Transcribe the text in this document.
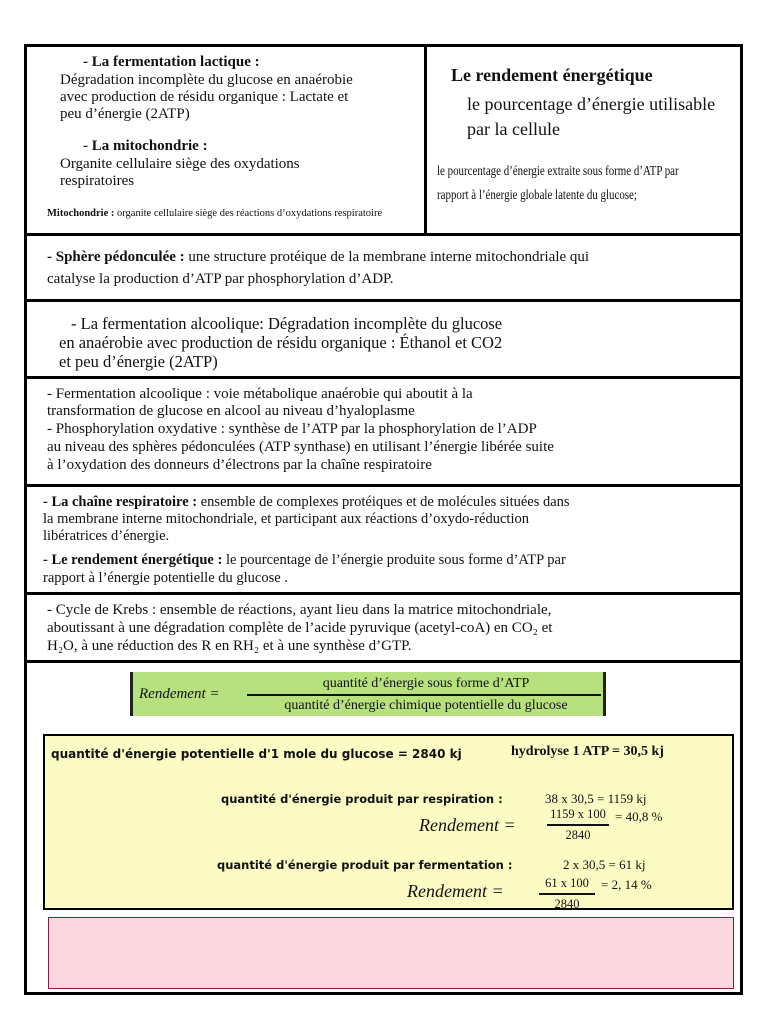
- La fermentation lactique :
Dégradation incomplète du glucose en anaérobie
avec production de résidu organique : Lactate et
peu d’énergie (2ATP)
- La mitochondrie :
Organite cellulaire siège des oxydations
respiratoires
Mitochondrie : organite cellulaire siège des réactions d’oxydations respiratoire
Le rendement énergétique
le pourcentage d’énergie utilisable
par la cellule
le pourcentage d’énergie extraite sous forme d’ATP par
rapport à l’énergie globale latente du glucose;
- Sphère pédonculée : une structure protéique de la membrane interne mitochondriale qui
catalyse la production d’ATP par phosphorylation d’ADP.
- La fermentation alcoolique: Dégradation incomplète du glucose
en anaérobie avec production de résidu organique : Éthanol et CO2
et peu d’énergie (2ATP)
- Fermentation alcoolique : voie métabolique anaérobie qui aboutit à la
transformation de glucose en alcool au niveau d’hyaloplasme
- Phosphorylation oxydative : synthèse de l’ATP par la phosphorylation de l’ADP
au niveau des sphères pédonculées (ATP synthase) en utilisant l’énergie libérée suite
à l’oxydation des donneurs d’électrons par la chaîne respiratoire
- La chaîne respiratoire : ensemble de complexes protéiques et de molécules situées dans
la membrane interne mitochondriale, et participant aux réactions d’oxydo-réduction
libératrices d’énergie.
- Le rendement énergétique : le pourcentage de l’énergie produite sous forme d’ATP par
rapport à l’énergie potentielle du glucose .
- Cycle de Krebs : ensemble de réactions, ayant lieu dans la matrice mitochondriale,
aboutissant à une dégradation complète de l’acide pyruvique (acetyl-coA) en CO₂ et
H₂O, à une réduction des R en RH₂ et à une synthèse d’GTP.
Rendement =
quantité d’énergie sous forme d’ATP
quantité d’énergie chimique potentielle du glucose
quantité d'énergie potentielle d'1 mole du glucose = 2840 kj	hydrolyse 1 ATP = 30,5 kj
quantité d'énergie produit par respiration :	38 x 30,5 = 1159 kj
Rendement =
1159 x 100
2840
= 40,8 %
quantité d'énergie produit par fermentation :	2 x 30,5 = 61 kj
Rendement =	61 x 100
2840
= 2, 14 %
